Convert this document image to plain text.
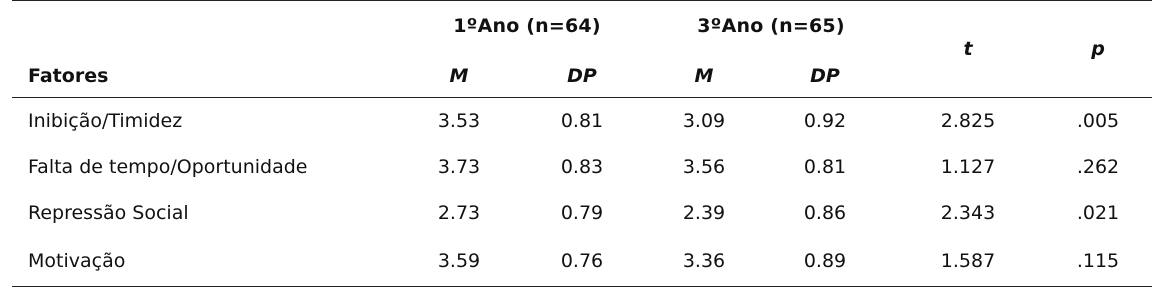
	1ºAno (n=64)		3ºAno (n=65)		t	p
Fatores	M	DP	M	DP		
Inibição/Timidez	3.53	0.81	3.09	0.92	2.825	.005
Falta de tempo/Oportunidade	3.73	0.83	3.56	0.81	1.127	.262
Repressão Social	2.73	0.79	2.39	0.86	2.343	.021
Motivação	3.59	0.76	3.36	0.89	1.587	.115
